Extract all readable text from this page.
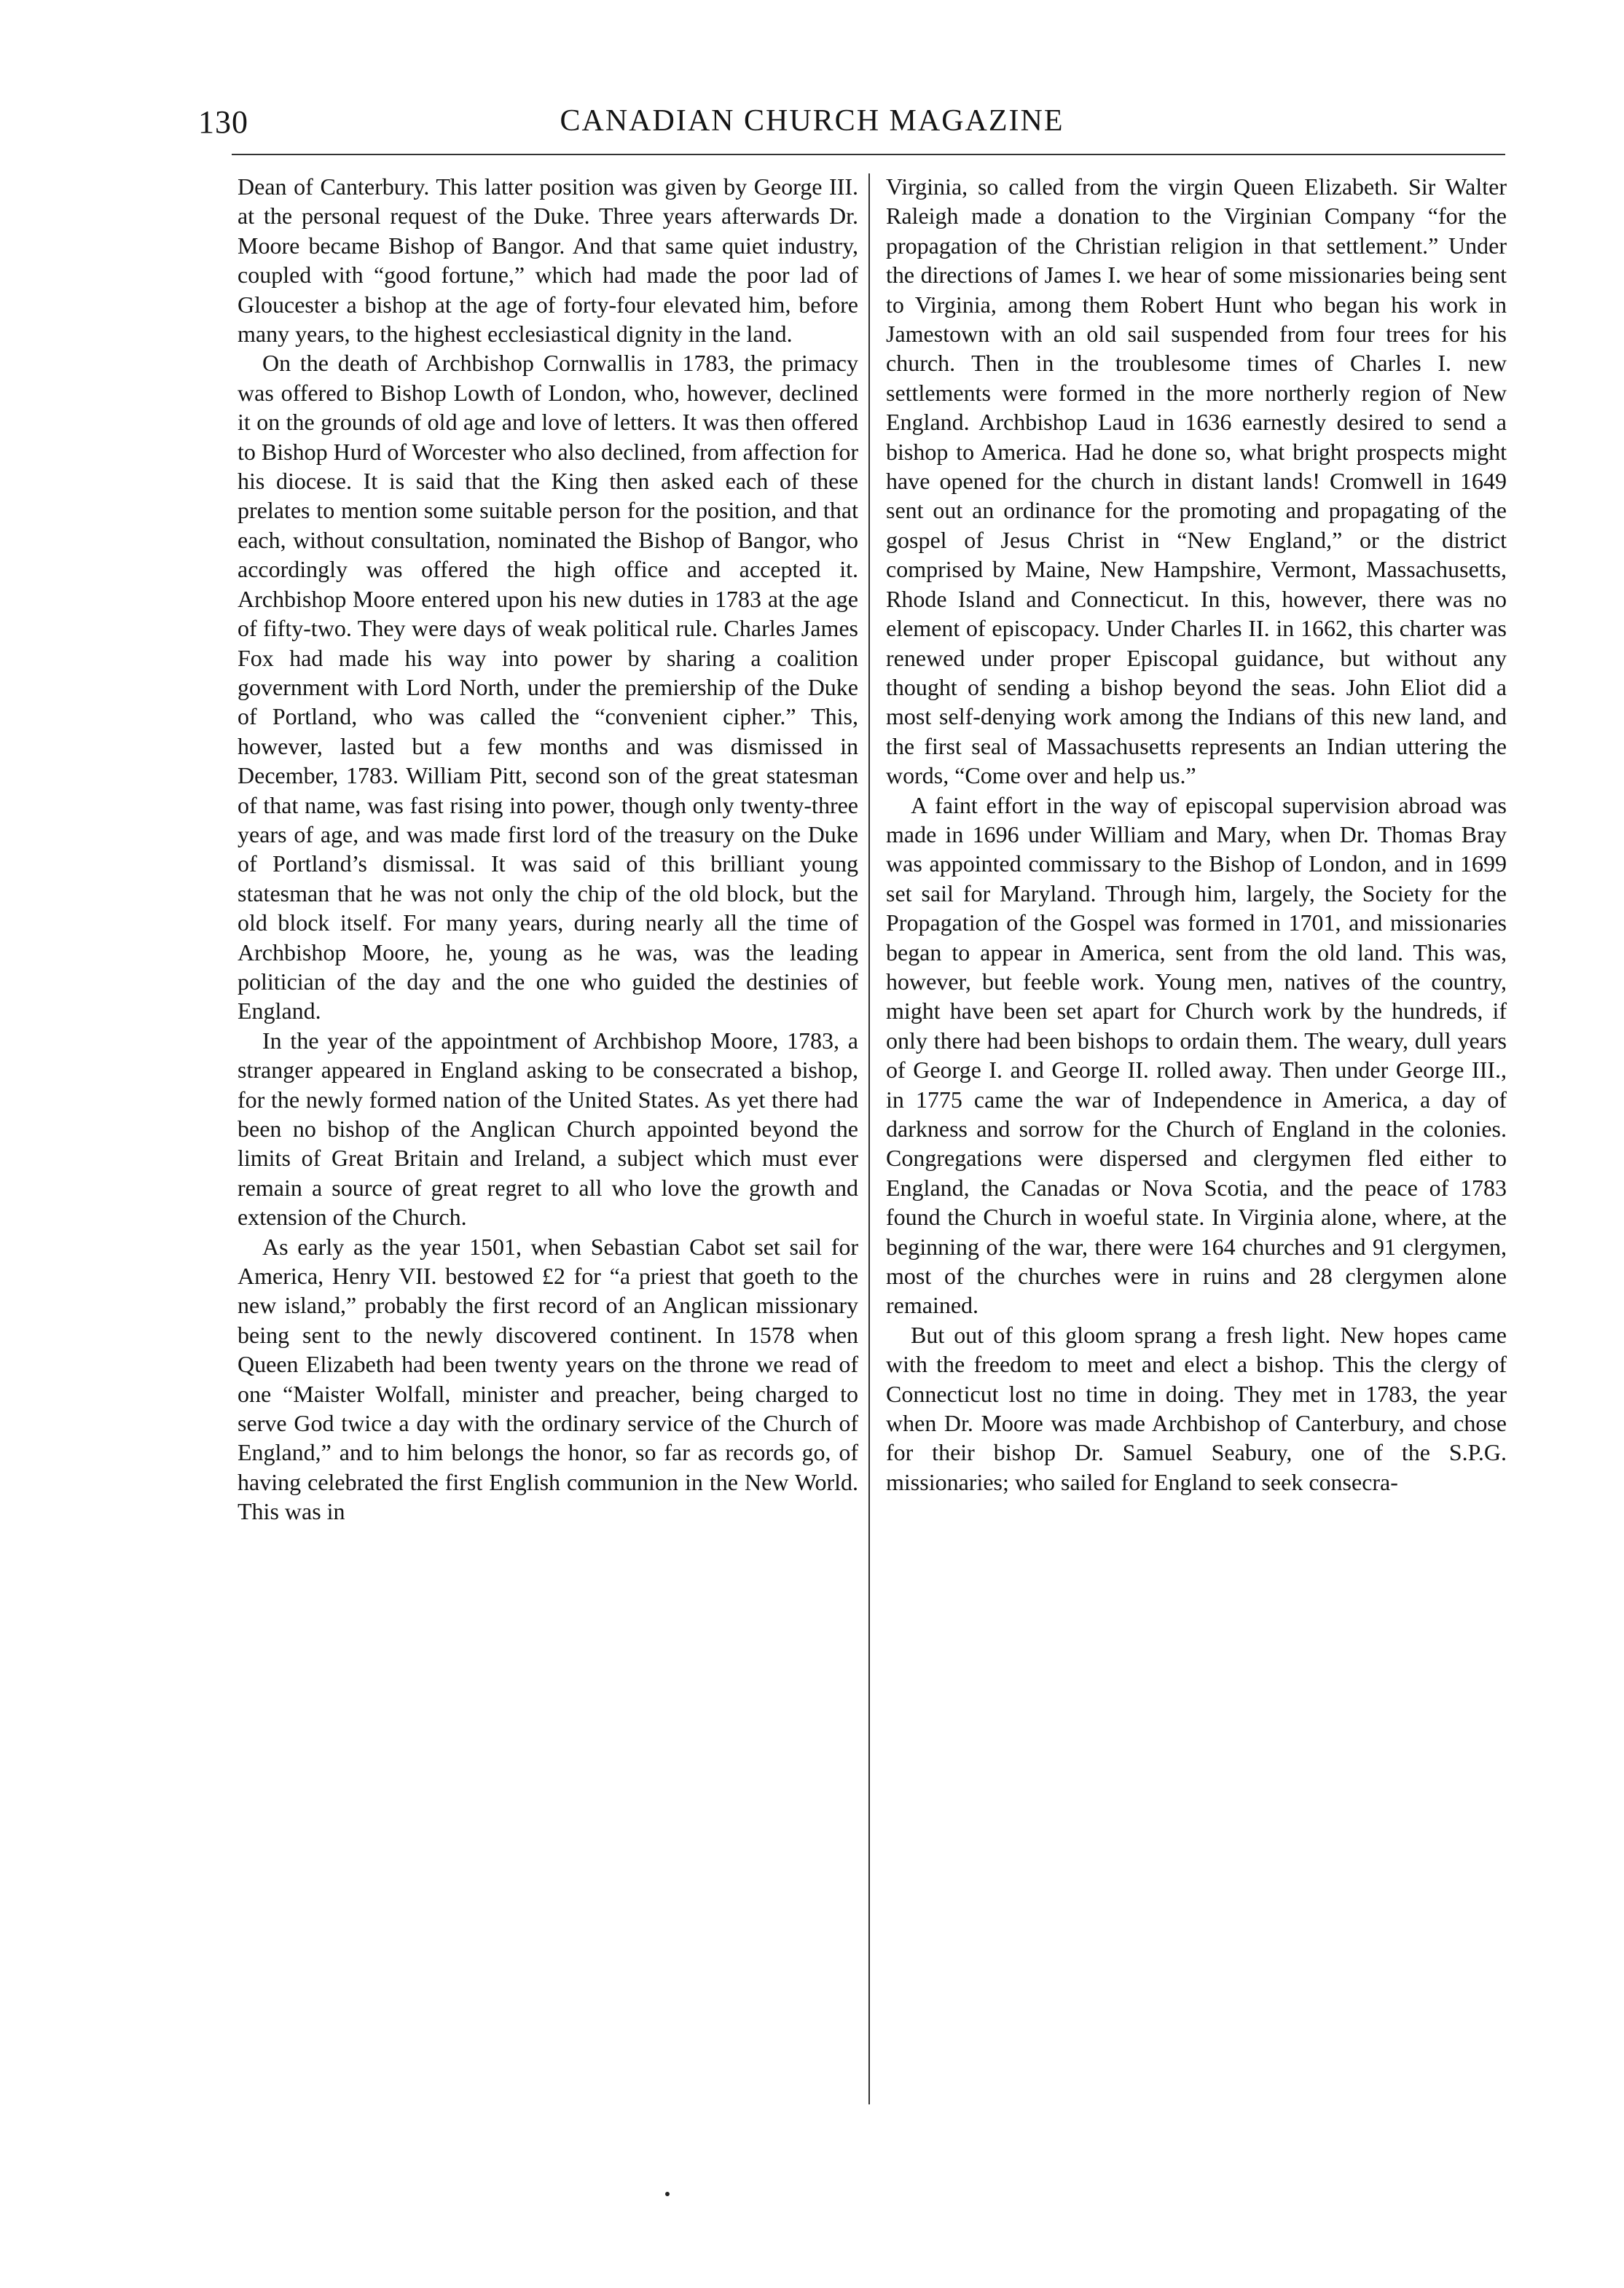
130	CANADIAN CHURCH MAGAZINE

Dean of Canterbury. This latter position was given by George III. at the personal request of the Duke. Three years afterwards Dr. Moore became Bishop of Bangor. And that same quiet industry, coupled with “good fortune,” which had made the poor lad of Gloucester a bishop at the age of forty-four elevated him, before many years, to the highest ecclesiastical dignity in the land.

On the death of Archbishop Cornwallis in 1783, the primacy was offered to Bishop Lowth of London, who, however, declined it on the grounds of old age and love of letters. It was then offered to Bishop Hurd of Worcester who also declined, from affection for his diocese. It is said that the King then asked each of these prelates to mention some suitable person for the position, and that each, without consultation, nominated the Bishop of Bangor, who accordingly was offered the high office and accepted it. Archbishop Moore entered upon his new duties in 1783 at the age of fifty-two. They were days of weak political rule. Charles James Fox had made his way into power by sharing a coalition government with Lord North, under the premiership of the Duke of Portland, who was called the “convenient cipher.” This, however, lasted but a few months and was dismissed in December, 1783. William Pitt, second son of the great statesman of that name, was fast rising into power, though only twenty-three years of age, and was made first lord of the treasury on the Duke of Portland’s dismissal. It was said of this brilliant young statesman that he was not only the chip of the old block, but the old block itself. For many years, during nearly all the time of Archbishop Moore, he, young as he was, was the leading politician of the day and the one who guided the destinies of England.

In the year of the appointment of Archbishop Moore, 1783, a stranger appeared in England asking to be consecrated a bishop, for the newly formed nation of the United States. As yet there had been no bishop of the Anglican Church appointed beyond the limits of Great Britain and Ireland, a subject which must ever remain a source of great regret to all who love the growth and extension of the Church.

As early as the year 1501, when Sebastian Cabot set sail for America, Henry VII. bestowed £2 for “a priest that goeth to the new island,” probably the first record of an Anglican missionary being sent to the newly discovered continent. In 1578 when Queen Elizabeth had been twenty years on the throne we read of one “Maister Wolfall, minister and preacher, being charged to serve God twice a day with the ordinary service of the Church of England,” and to him belongs the honor, so far as records go, of having celebrated the first English communion in the New World. This was in

Virginia, so called from the virgin Queen Elizabeth. Sir Walter Raleigh made a donation to the Virginian Company “for the propagation of the Christian religion in that settlement.” Under the directions of James I. we hear of some missionaries being sent to Virginia, among them Robert Hunt who began his work in Jamestown with an old sail suspended from four trees for his church. Then in the troublesome times of Charles I. new settlements were formed in the more northerly region of New England. Archbishop Laud in 1636 earnestly desired to send a bishop to America. Had he done so, what bright prospects might have opened for the church in distant lands! Cromwell in 1649 sent out an ordinance for the promoting and propagating of the gospel of Jesus Christ in “New England,” or the district comprised by Maine, New Hampshire, Vermont, Massachusetts, Rhode Island and Connecticut. In this, however, there was no element of episcopacy. Under Charles II. in 1662, this charter was renewed under proper Episcopal guidance, but without any thought of sending a bishop beyond the seas. John Eliot did a most self-denying work among the Indians of this new land, and the first seal of Massachusetts represents an Indian uttering the words, “Come over and help us.”

A faint effort in the way of episcopal supervision abroad was made in 1696 under William and Mary, when Dr. Thomas Bray was appointed commissary to the Bishop of London, and in 1699 set sail for Maryland. Through him, largely, the Society for the Propagation of the Gospel was formed in 1701, and missionaries began to appear in America, sent from the old land. This was, however, but feeble work. Young men, natives of the country, might have been set apart for Church work by the hundreds, if only there had been bishops to ordain them. The weary, dull years of George I. and George II. rolled away. Then under George III., in 1775 came the war of Independence in America, a day of darkness and sorrow for the Church of England in the colonies. Congregations were dispersed and clergymen fled either to England, the Canadas or Nova Scotia, and the peace of 1783 found the Church in woeful state. In Virginia alone, where, at the beginning of the war, there were 164 churches and 91 clergymen, most of the churches were in ruins and 28 clergymen alone remained.

But out of this gloom sprang a fresh light. New hopes came with the freedom to meet and elect a bishop. This the clergy of Connecticut lost no time in doing. They met in 1783, the year when Dr. Moore was made Archbishop of Canterbury, and chose for their bishop Dr. Samuel Seabury, one of the S.P.G. missionaries; who sailed for England to seek consecra-
